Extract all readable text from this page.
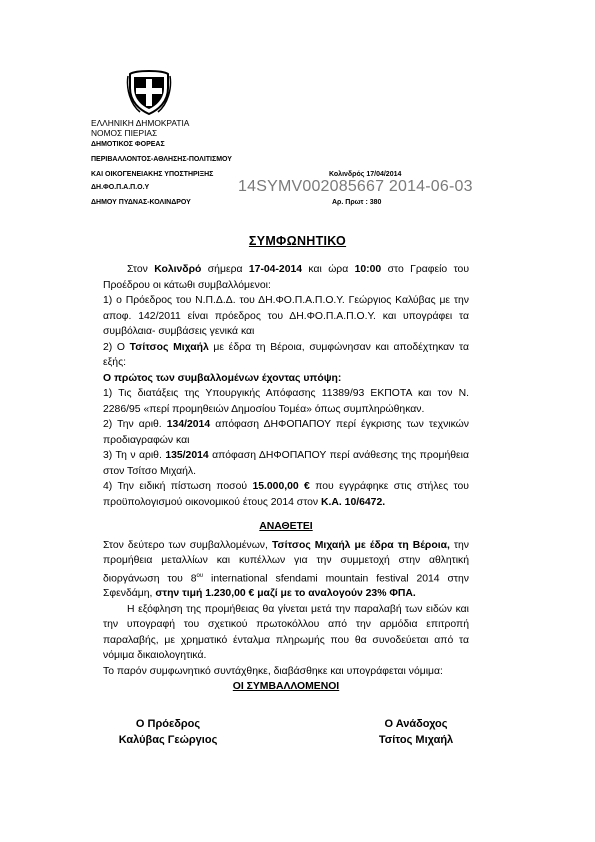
ΕΛΛΗΝΙΚΗ ΔΗΜΟΚΡΑΤΙΑ
ΝΟΜΟΣ ΠΙΕΡΙΑΣ
ΔΗΜΟΤΙΚΟΣ ΦΟΡΕΑΣ
ΠΕΡΙΒΑΛΛΟΝΤΟΣ-ΑΘΛΗΣΗΣ-ΠΟΛΙΤΙΣΜΟΥ
ΚΑΙ ΟΙΚΟΓΕΝΕΙΑΚΗΣ ΥΠΟΣΤΗΡΙΞΗΣ
ΔΗ.ΦΟ.Π.Α.Π.Ο.Υ
ΔΗΜΟΥ ΠΥΔΝΑΣ-ΚΟΛΙΝΔΡΟΥ
Κολινδρός 17/04/2014
Αρ. Πρωτ : 380
14SYMV002085667 2014-06-03
ΣΥΜΦΩΝΗΤΙΚΟ

Στον Κολινδρό σήμερα 17-04-2014 και ώρα 10:00 στο Γραφείο του Προέδρου οι κάτωθι συμβαλλόμενοι:

1) ο Πρόεδρος του Ν.Π.Δ.Δ. του ΔΗ.ΦΟ.Π.Α.Π.Ο.Υ. Γεώργιος Καλύβας με την αποφ. 142/2011 είναι πρόεδρος του ΔΗ.ΦΟ.Π.Α.Π.Ο.Υ. και υπογράφει τα συμβόλαια- συμβάσεις γενικά και

2) Ο Τσίτσος Μιχαήλ με έδρα τη Βέροια, συμφώνησαν και αποδέχτηκαν τα εξής:

Ο πρώτος των συμβαλλομένων έχοντας υπόψη:

1) Τις διατάξεις της Υπουργικής Απόφασης 11389/93 ΕΚΠΟΤΑ και τον Ν. 2286/95 «περί προμηθειών Δημοσίου Τομέα» όπως συμπληρώθηκαν.

2) Την αριθ. 134/2014 απόφαση ΔΗΦΟΠΑΠΟΥ περί έγκρισης των τεχνικών προδιαγραφών και

3) Τη ν αριθ. 135/2014 απόφαση ΔΗΦΟΠΑΠΟΥ περί ανάθεσης της προμήθεια στον Τσίτσο Μιχαήλ.

4) Την ειδική πίστωση ποσού 15.000,00 € που εγγράφηκε στις στήλες του προϋπολογισμού οικονομικού έτους 2014 στον Κ.Α. 10/6472.

ΑΝΑΘΕΤΕΙ

Στον δεύτερο των συμβαλλομένων, Τσίτσος Μιχαήλ με έδρα τη Βέροια, την προμήθεια μεταλλίων και κυπέλλων για την συμμετοχή στην αθλητική διοργάνωση του $8^{o\upsilon}$ international sfendami mountain festival 2014 στην Σφενδάμη, στην τιμή 1.230,00 € μαζί με το αναλογούν 23% ΦΠΑ.

Η εξόφληση της προμήθειας θα γίνεται μετά την παραλαβή των ειδών και την υπογραφή του σχετικού πρωτοκόλλου από την αρμόδια επιτροπή παραλαβής, με χρηματικό ένταλμα πληρωμής που θα συνοδεύεται από τα νόμιμα δικαιολογητικά.

Το παρόν συμφωνητικό συντάχθηκε, διαβάσθηκε και υπογράφεται νόμιμα:

ΟΙ ΣΥΜΒΑΛΛΟΜΕΝΟΙ

Ο Πρόεδρος
Καλύβας Γεώργιος
Ο Ανάδοχος
Τσίτος Μιχαήλ
